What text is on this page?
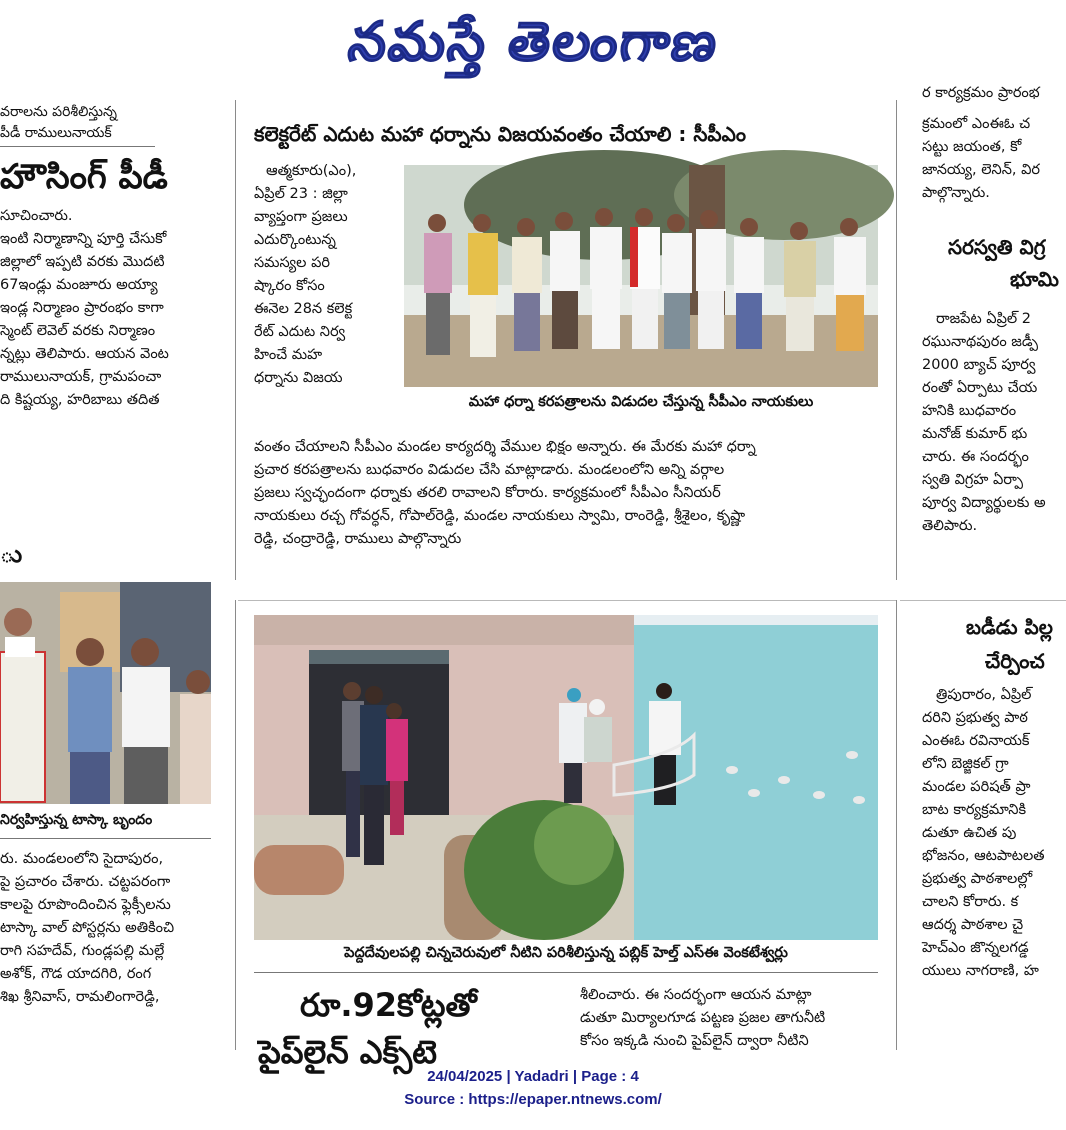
నమస్తే తెలంగాణ
వరాలను పరిశీలిస్తున్న
పీడీ రాములునాయక్
హౌసింగ్ పీడీ
సూచించారు.
ఇంటి నిర్మాణాన్ని పూర్తి చేసుకో
జిల్లాలో ఇప్పటి వరకు మొదటి
67ఇండ్లు మంజూరు అయ్యా
ఇండ్ల నిర్మాణం ప్రారంభం కాగా
స్మెంట్ లెవెల్ వరకు నిర్మాణం
న్నట్లు తెలిపారు. ఆయన వెంట
రాములునాయక్, గ్రామపంచా
ది కిష్టయ్య, హరిబాబు తదిత
ు
నిర్వహిస్తున్న టాస్కా బృందం
రు. మండలంలోని సైదాపురం,
పై ప్రచారం చేశారు. చట్టపరంగా
కాలపై రూపొందించిన ఫ్లెక్సీలను
టాస్కా వాల్ పోస్టర్లను అతికించి
రాగి సహదేవ్, గుండ్లపల్లి మల్లే
అశోక్, గౌడ యాదగిరి, రంగ
శిఖ శ్రీనివాస్, రామలింగారెడ్డి,
కలెక్టరేట్ ఎదుట మహా ధర్నాను విజయవంతం చేయాలి : సీపీఎం
ఆత్మకూరు(ఎం),
ఏప్రిల్ 23 : జిల్లా
వ్యాప్తంగా ప్రజలు
ఎదుర్కొంటున్న
సమస్యల పరి
ష్కారం కోసం
ఈనెల 28న కలెక్ట
రేట్ ఎదుట నిర్వ
హించే మహ
ధర్నాను విజయ
మహా ధర్నా కరపత్రాలను విడుదల చేస్తున్న సీపీఎం నాయకులు
వంతం చేయాలని సీపీఎం మండల కార్యదర్శి వేముల భిక్షం అన్నారు. ఈ మేరకు మహా ధర్నా
ప్రచార కరపత్రాలను బుధవారం విడుదల చేసి మాట్లాడారు. మండలంలోని అన్ని వర్గాల
ప్రజలు స్వచ్ఛందంగా ధర్నాకు తరలి రావాలని కోరారు. కార్యక్రమంలో సీపీఎం సీనియర్
నాయకులు రచ్చ గోవర్ధన్, గోపాల్‌రెడ్డి, మండల నాయకులు స్వామి, రాంరెడ్డి, శ్రీశైలం, కృష్ణా
రెడ్డి, చంద్రారెడ్డి, రాములు పాల్గొన్నారు
పెద్దదేవులపల్లి చిన్నచెరువులో నీటిని పరిశీలిస్తున్న పబ్లిక్ హెల్త్ ఎస్ఈ వెంకటేశ్వర్లు
రూ.92కోట్లతో
పైప్‌లైన్ ఎక్స్‌టె
శీలించారు. ఈ సందర్భంగా ఆయన మాట్లా
డుతూ మిర్యాలగూడ పట్టణ ప్రజల తాగునీటి
కోసం ఇక్కడి నుంచి పైప్‌లైన్ ద్వారా నీటిని
ర కార్యక్రమం ప్రారంభ
క్రమంలో ఎంఈఓ చ
సట్టు జయంత, కో
జానయ్య, లెనిన్, విర
పాల్గొన్నారు.
సరస్వతి విగ్ర
భూమి
రాజపేట ఏప్రిల్ 2
రఘునాథపురం జడ్పీ
2000 బ్యాచ్ పూర్వ
రంతో ఏర్పాటు చేయ
హనికి బుధవారం
మనోజ్ కుమార్ భు
చారు. ఈ సందర్భం
స్వతి విగ్రహ ఏర్పా
పూర్వ విద్యార్థులకు అ
తెలిపారు.
బడీడు పిల్ల
చేర్పించ
త్రిపురారం, ఏప్రిల్
దరిని ప్రభుత్వ పాఠ
ఎంఈఓ రవినాయక్
లోని బెజ్జికల్ గ్రా
మండల పరిషత్ ప్రా
బాట కార్యక్రమానికి
డుతూ ఉచిత పు
భోజనం, ఆటపాటలత
ప్రభుత్వ పాఠశాలల్లో
చాలని కోరారు. క
ఆదర్శ పాఠశాల చై
హెచ్ఎం జొన్నలగడ్డ
యులు నాగరాణి, హ
24/04/2025 | Yadadri | Page : 4
Source : https://epaper.ntnews.com/
